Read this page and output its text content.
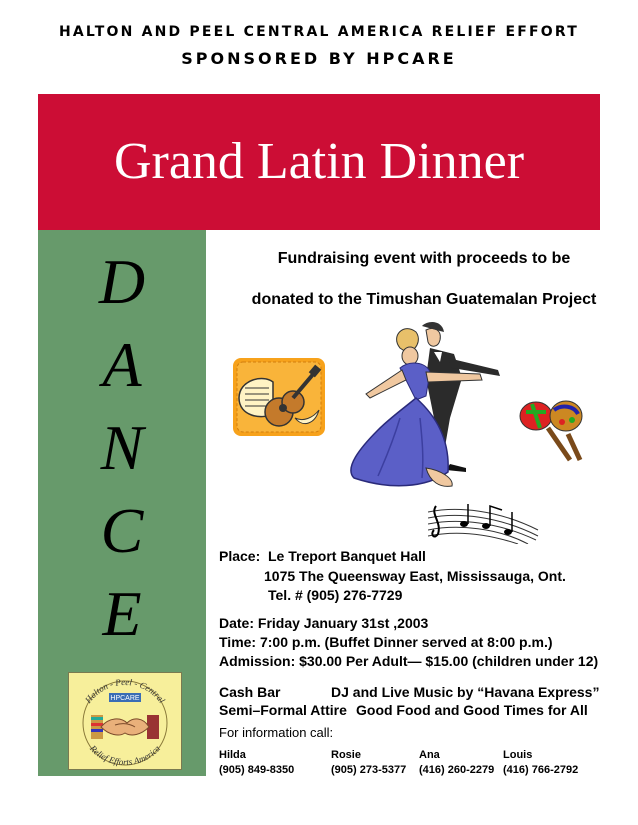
HALTON AND PEEL CENTRAL AMERICA RELIEF EFFORT
SPONSORED BY HPCARE
Grand Latin Dinner
D
A
N
C
E
Halton - Peel - Central
Relief Efforts America
HPCARE
Fundraising event with proceeds to be
donated to the Timushan Guatemalan Project
Place: Le Treport Banquet Hall
1075 The Queensway East, Mississauga, Ont.
Tel. # (905) 276-7729
Date: Friday January 31st ,2003
Time: 7:00 p.m. (Buffet Dinner served at 8:00 p.m.)
Admission: $30.00 Per Adult— $15.00 (children under 12)
Cash Bar	DJ and Live Music by “Havana Express”
Semi–Formal Attire Good Food and Good Times for All
For information call:
Hilda
(905) 849-8350
Rosie
(905) 273-5377
Ana
(416) 260-2279
Louis
(416) 766-2792
